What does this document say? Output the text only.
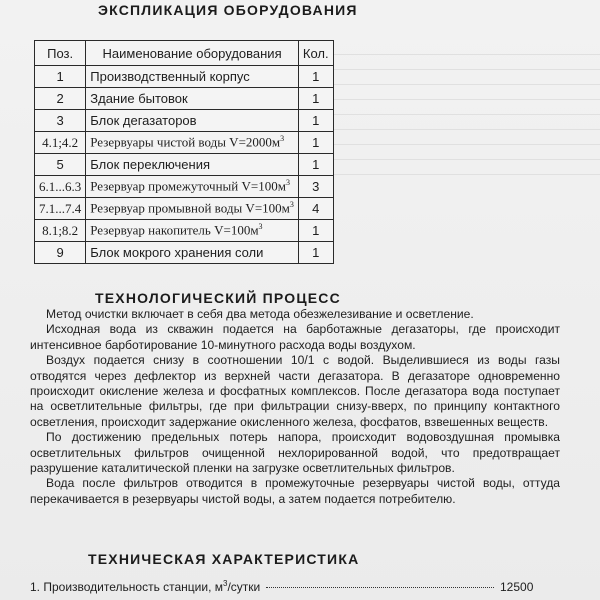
ЭКСПЛИКАЦИЯ ОБОРУДОВАНИЯ
Поз.	Наименование оборудования	Кол.
1	Производственный корпус	1
2	Здание бытовок	1
3	Блок дегазаторов	1
4.1;4.2	Резервуары чистой воды $V=2000м^3$	1
5	Блок переключения	1
6.1...6.3	Резервуар промежуточный $V=100м^3$	3
7.1...7.4	Резервуар промывной воды $V=100м^3$	4
8.1;8.2	Резервуар накопитель $V=100м^3$	1
9	Блок мокрого хранения соли	1
ТЕХНОЛОГИЧЕСКИЙ ПРОЦЕСС

Метод очистки включает в себя два метода обезжелезивание и осветление.

Исходная вода из скважин подается на барботажные дегазаторы, где происходит интенсивное барботирование 10-минутного расхода воды воздухом.

Воздух подается снизу в соотношении 10/1 с водой. Выделившиеся из воды газы отводятся через дефлектор из верхней части дегазатора. В дегазаторе одновременно происходит окисление железа и фосфатных комплексов. После дегазатора вода поступает на осветлительные фильтры, где при фильтрации снизу-вверх, по принципу контактного осветления, происходит задержание окисленного железа, фосфатов, взвешенных веществ.

По достижению предельных потерь напора, происходит водовоздушная промывка осветлительных фильтров очищенной нехлорированной водой, что предотвращает разрушение каталитической пленки на загрузке осветлительных фильтров.

Вода после фильтров отводится в промежуточные резервуары чистой воды, оттуда перекачивается в резервуары чистой воды, а затем подается потребителю.

ТЕХНИЧЕСКАЯ ХАРАКТЕРИСТИКА
1. Производительность станции, $м^3$/сутки	12500
